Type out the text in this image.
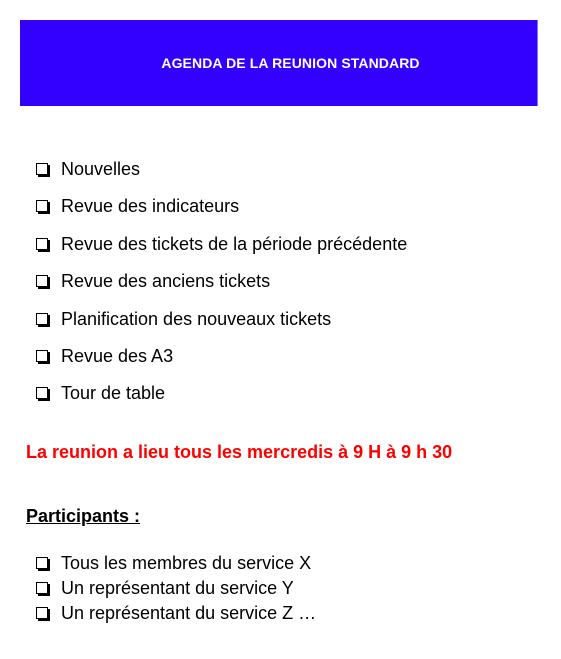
AGENDA DE LA REUNION STANDARD
Nouvelles
Revue des indicateurs
Revue des tickets de la période précédente
Revue des anciens tickets
Planification des nouveaux tickets
Revue des A3
Tour de table
La reunion a lieu tous les mercredis à 9 H à 9 h 30
Participants :
Tous les membres du service X
Un représentant du service Y
Un représentant du service Z …
